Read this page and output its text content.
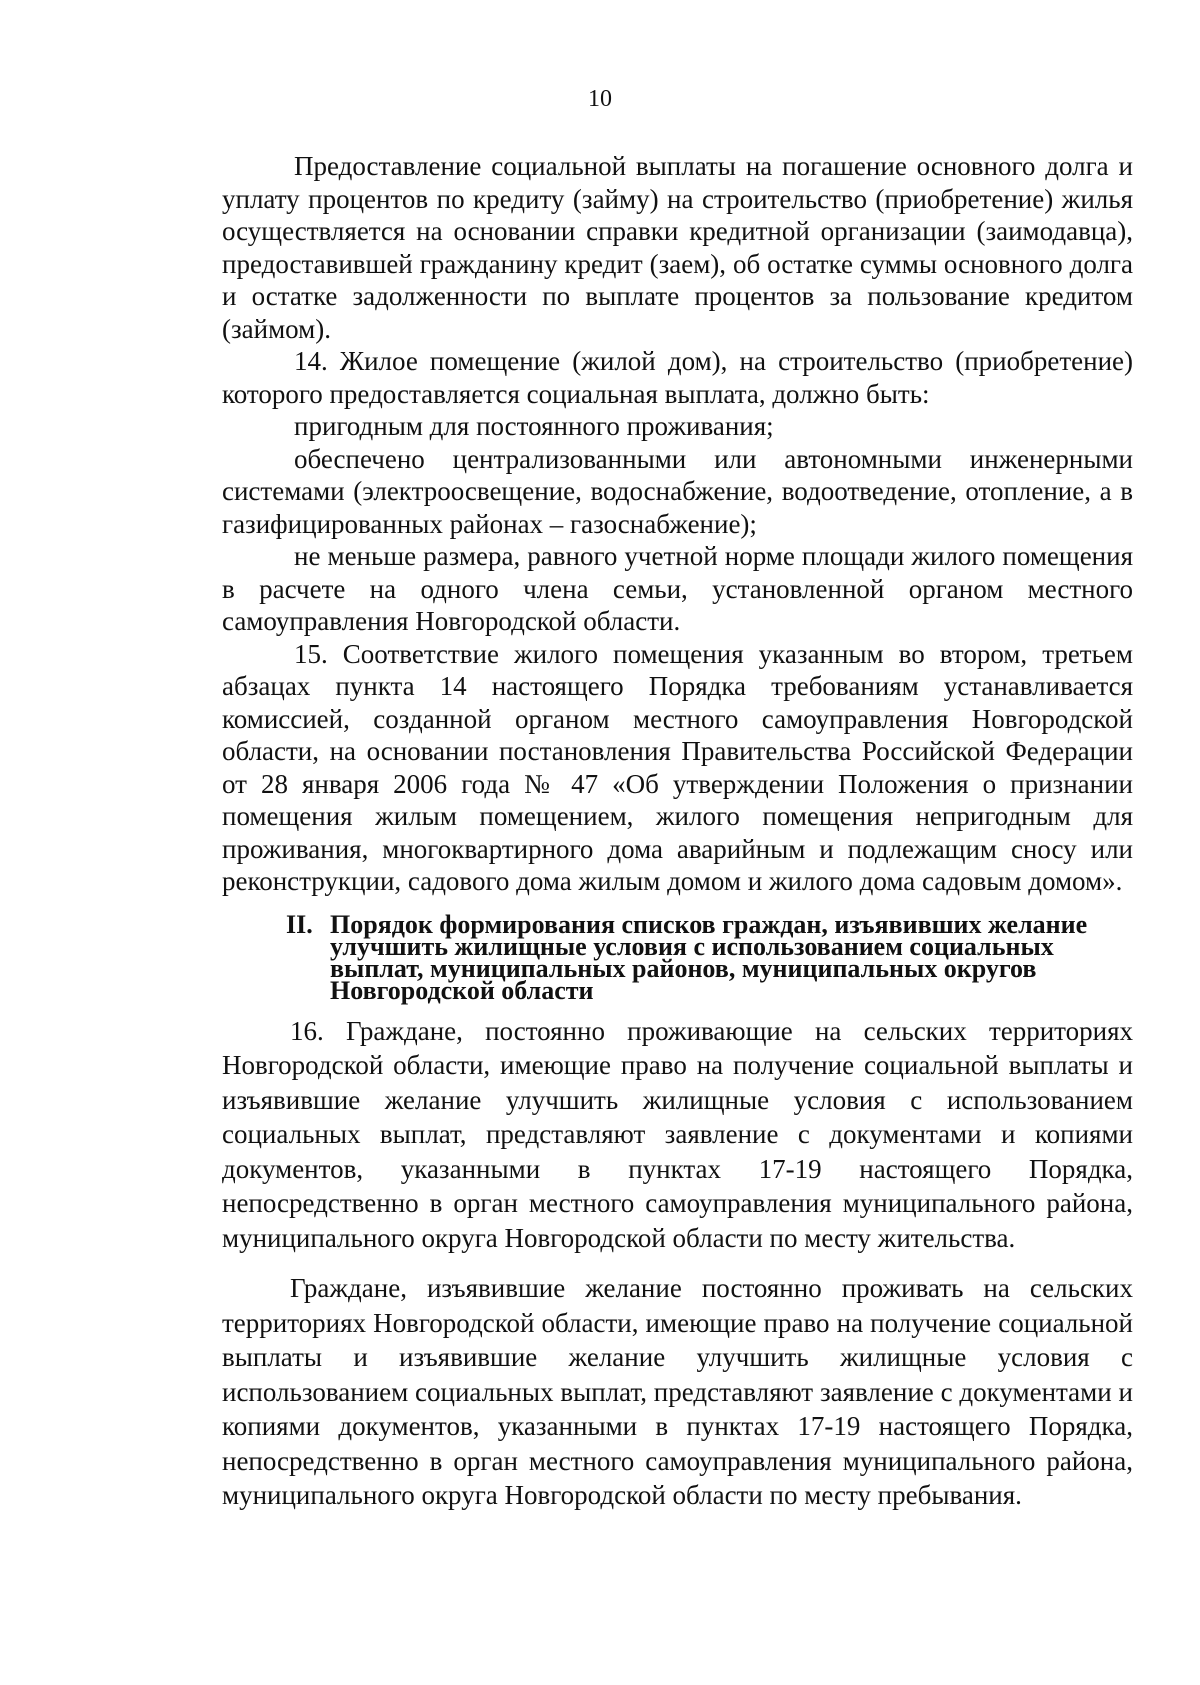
10

Предоставление социальной выплаты на погашение основного долга и уплату процентов по кредиту (займу) на строительство (приобретение) жилья осуществляется на основании справки кредитной организации (заимодавца), предоставившей гражданину кредит (заем), об остатке суммы основного долга и остатке задолженности по выплате процентов за пользование кредитом (займом).

14. Жилое помещение (жилой дом), на строительство (приобретение) которого предоставляется социальная выплата, должно быть:

пригодным для постоянного проживания;

обеспечено централизованными или автономными инженерными системами (электроосвещение, водоснабжение, водоотведение, отопление, а в газифицированных районах – газоснабжение);

не меньше размера, равного учетной норме площади жилого помещения в расчете на одного члена семьи, установленной органом местного самоуправления Новгородской области.

15. Соответствие жилого помещения указанным во втором, третьем абзацах пункта 14 настоящего Порядка требованиям устанавливается комиссией, созданной органом местного самоуправления Новгородской области, на основании постановления Правительства Российской Федерации от 28 января 2006 года № 47 «Об утверждении Положения о признании помещения жилым помещением, жилого помещения непригодным для проживания, многоквартирного дома аварийным и подлежащим сносу или реконструкции, садового дома жилым домом и жилого дома садовым домом».

II. Порядок формирования списков граждан, изъявивших желание улучшить жилищные условия с использованием социальных выплат, муниципальных районов, муниципальных округов Новгородской области

16. Граждане, постоянно проживающие на сельских территориях Новгородской области, имеющие право на получение социальной выплаты и изъявившие желание улучшить жилищные условия с использованием социальных выплат, представляют заявление с документами и копиями документов, указанными в пунктах 17-19 настоящего Порядка, непосредственно в орган местного самоуправления муниципального района, муниципального округа Новгородской области по месту жительства.

Граждане, изъявившие желание постоянно проживать на сельских территориях Новгородской области, имеющие право на получение социальной выплаты и изъявившие желание улучшить жилищные условия с использованием социальных выплат, представляют заявление с документами и копиями документов, указанными в пунктах 17-19 настоящего Порядка, непосредственно в орган местного самоуправления муниципального района, муниципального округа Новгородской области по месту пребывания.
